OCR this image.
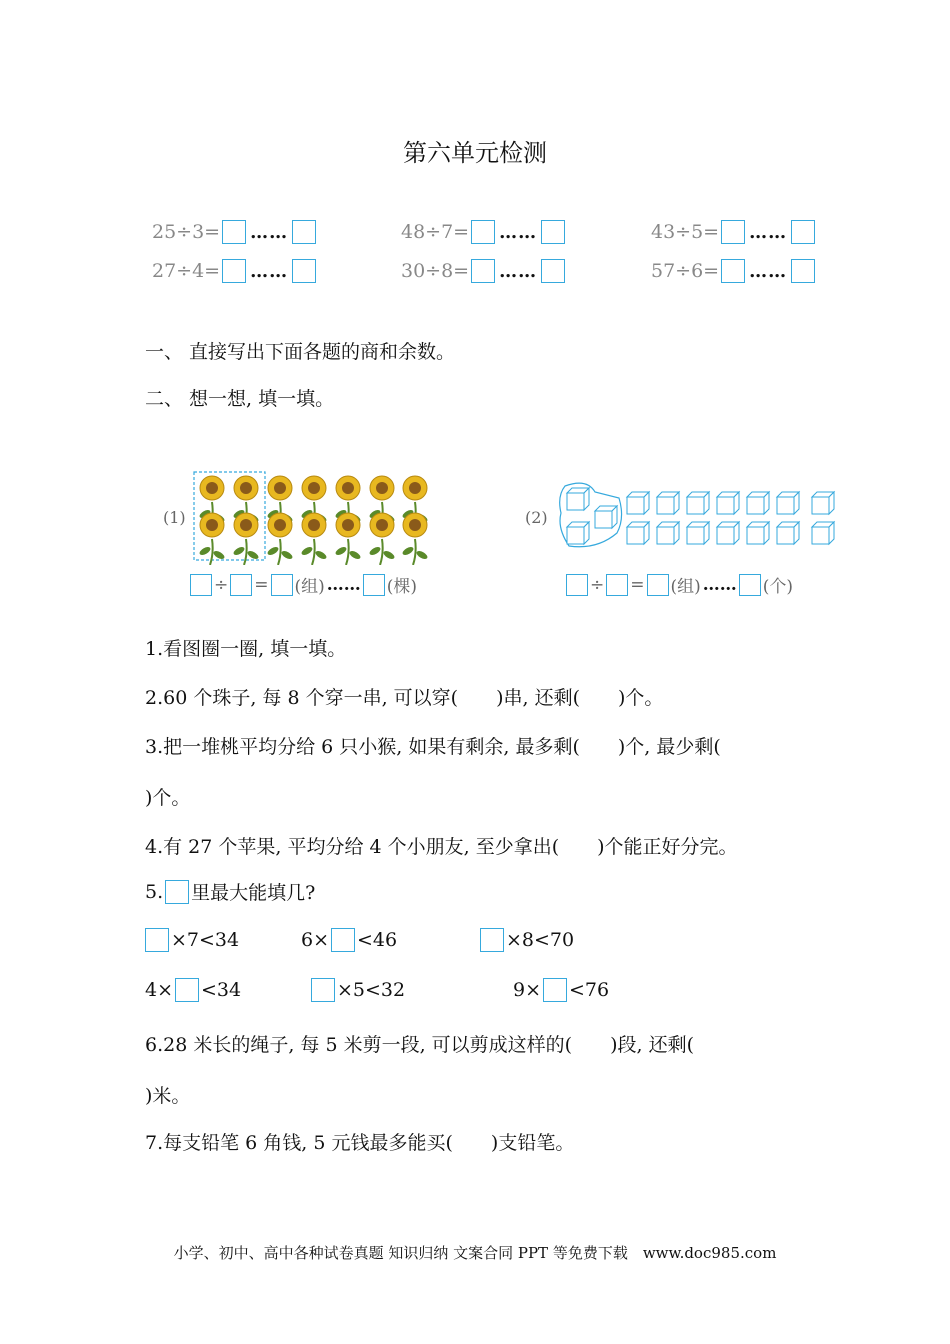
第六单元检测
25÷3= ……	48÷7= ……	43÷5= ……
27÷4= ……	30÷8= ……	57÷6= ……
一、 直接写出下面各题的商和余数。
二、 想一想, 填一填。
(1)
÷ = (组) …… (棵)
(2)
÷ = (组) …… (个)
1.看图圈一圈, 填一填。
2.60 个珠子, 每 8 个穿一串, 可以穿(　　)串, 还剩(　　)个。
3.把一堆桃平均分给 6 只小猴, 如果有剩余, 最多剩(　　)个, 最少剩(
)个。
4.有 27 个苹果, 平均分给 4 个小朋友, 至少拿出(　　)个能正好分完。
5. 里最大能填几?
×7<34	6× <46	×8<70
4× <34	×5<32	9× <76
6.28 米长的绳子, 每 5 米剪一段, 可以剪成这样的(　　)段, 还剩(
)米。
7.每支铅笔 6 角钱, 5 元钱最多能买(　　)支铅笔。
小学、初中、高中各种试卷真题 知识归纳 文案合同 PPT 等免费下载　www.doc985.com
